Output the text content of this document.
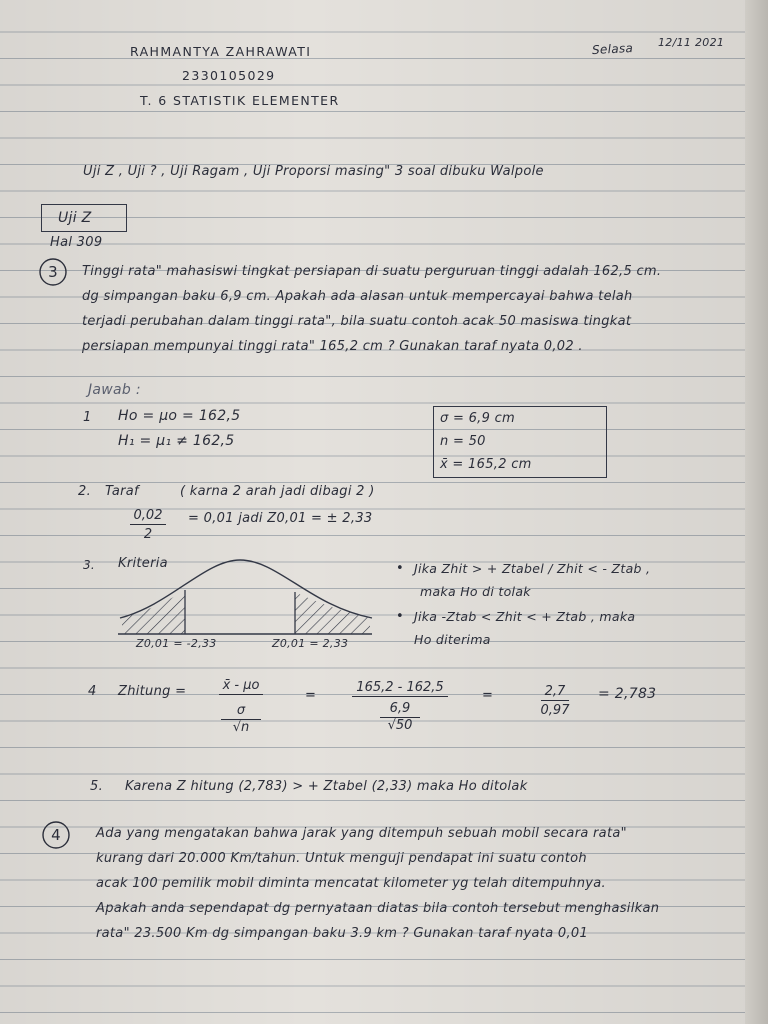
RAHMANTYA ZAHRAWATI
2330105029
T. 6 STATISTIK ELEMENTER
Selasa 12/11 2021
Uji Z , Uji ? , Uji Ragam , Uji Proporsi masing" 3 soal dibuku Walpole
Uji Z
Hal 309
3	Tinggi rata" mahasiswi tingkat persiapan di suatu perguruan tinggi adalah 162,5 cm.
dg simpangan baku 6,9 cm. Apakah ada alasan untuk mempercayai bahwa telah
terjadi perubahan dalam tinggi rata", bila suatu contoh acak 50 masiswa tingkat
persiapan mempunyai tinggi rata" 165,2 cm ? Gunakan taraf nyata 0,02 .
Jawab :
1 Ho = μo = 162,5
H₁ = μ₁ ≠ 162,5
σ = 6,9 cm
n = 50
x̄ = 165,2 cm
2. Taraf	( karna 2 arah jadi dibagi 2 )
$\frac{0,02}{2} = 0,01$ jadi Z0,01 = ± 2,33
3. Kriteria
Z0,01 = -2,33	Z0,01 = 2,33
• Jika Zhit > + Ztabel / Zhit < - Ztab ,
maka Ho di tolak
• Jika -Ztab < Zhit < + Ztab , maka
Ho diterima
4 Zhitung =	x̄ - μo
σ
√n
=
165,2 - 162,5
6,9
√50
= $\frac{2,7}{0,97} = 2,783$
5. Karena Z hitung (2,783) > + Ztabel (2,33) maka Ho ditolak
4	Ada yang mengatakan bahwa jarak yang ditempuh sebuah mobil secara rata"
kurang dari 20.000 Km/tahun. Untuk menguji pendapat ini suatu contoh
acak 100 pemilik mobil diminta mencatat kilometer yg telah ditempuhnya.
Apakah anda sependapat dg pernyataan diatas bila contoh tersebut menghasilkan
rata" 23.500 Km dg simpangan baku 3.9 km ? Gunakan taraf nyata 0,01
